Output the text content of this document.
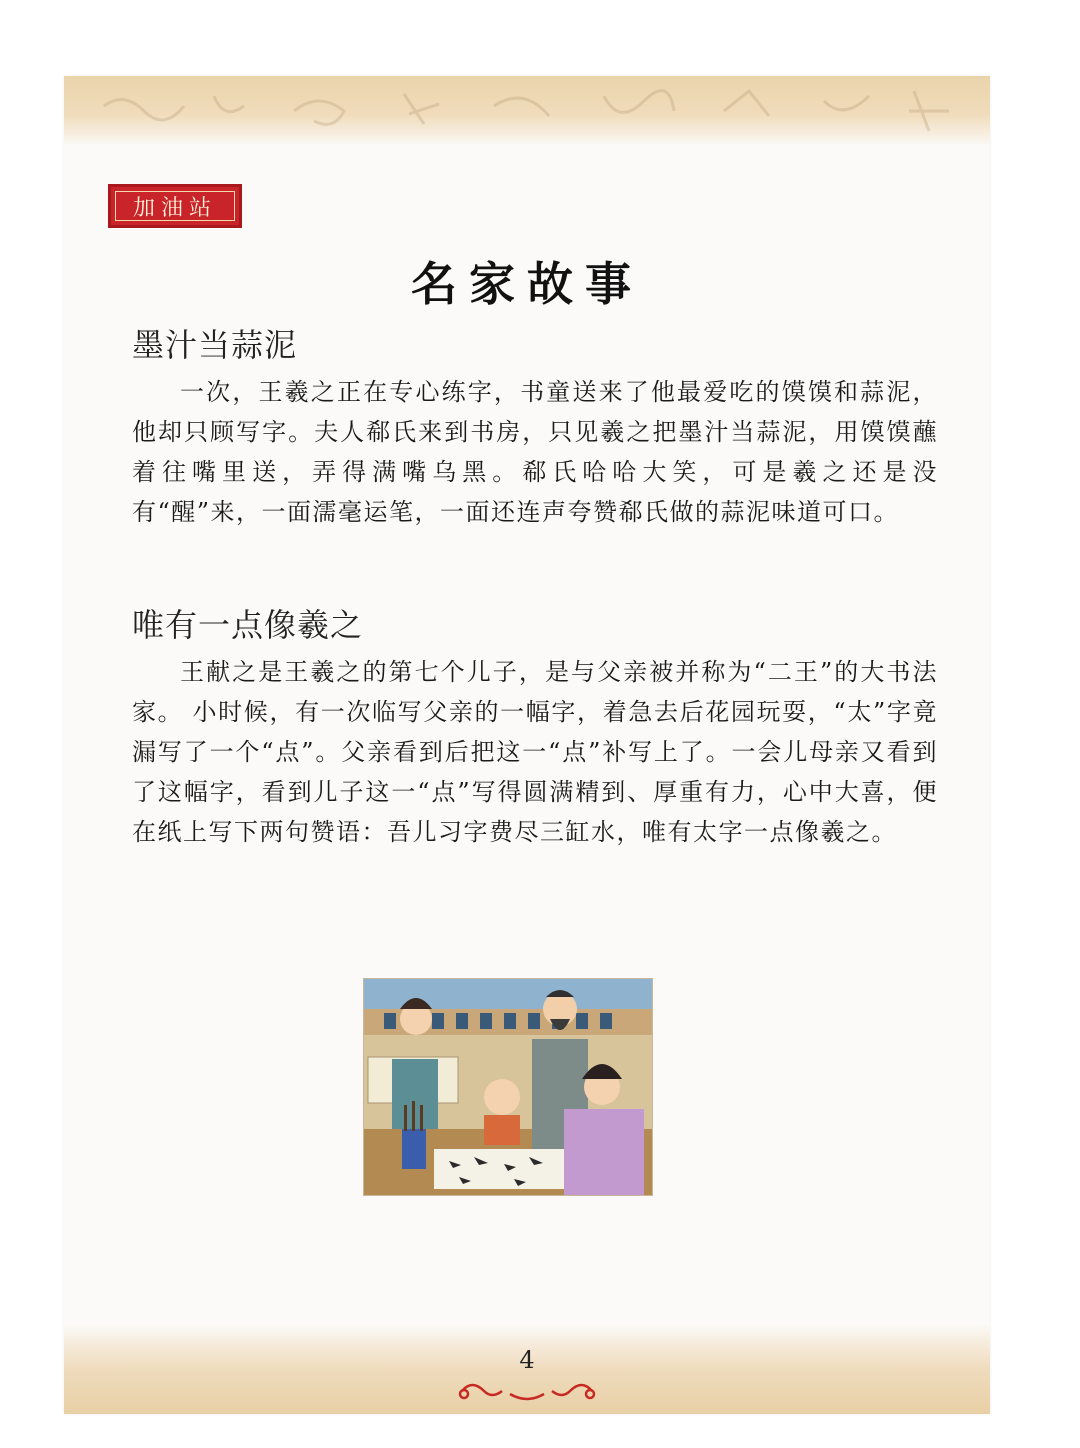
加油站
名家故事
墨汁当蒜泥

一次，王羲之正在专心练字，书童送来了他最爱吃的馍馍和蒜泥，他却只顾写字。夫人郗氏来到书房，只见羲之把墨汁当蒜泥，用馍馍蘸着往嘴里送，弄得满嘴乌黑。郗氏哈哈大笑，可是羲之还是没有“醒”来，一面濡毫运笔，一面还连声夸赞郗氏做的蒜泥味道可口。

唯有一点像羲之

王献之是王羲之的第七个儿子，是与父亲被并称为“二王”的大书法家。 小时候，有一次临写父亲的一幅字，着急去后花园玩耍，“太”字竟漏写了一个“点”。父亲看到后把这一“点”补写上了。一会儿母亲又看到了这幅字，看到儿子这一“点”写得圆满精到、厚重有力，心中大喜，便在纸上写下两句赞语：吾儿习字费尽三缸水，唯有太字一点像羲之。

4
